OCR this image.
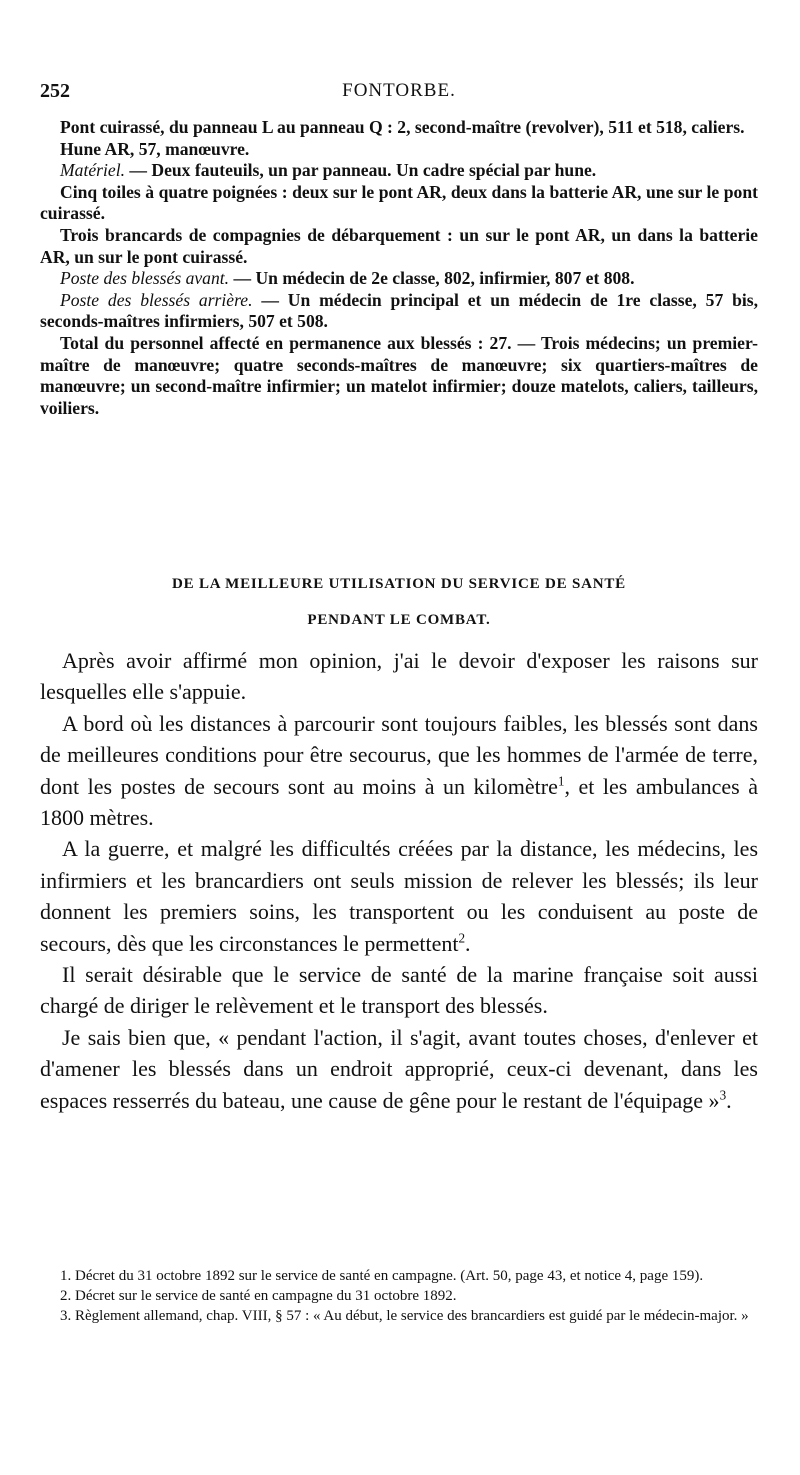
252	FONTORBE.

Pont cuirassé, du panneau L au panneau Q : 2, second-maître (revolver), 511 et 518, caliers.

Hune AR, 57, manœuvre.

Matériel. — Deux fauteuils, un par panneau. Un cadre spécial par hune.

Cinq toiles à quatre poignées : deux sur le pont AR, deux dans la batterie AR, une sur le pont cuirassé.

Trois brancards de compagnies de débarquement : un sur le pont AR, un dans la batterie AR, un sur le pont cuirassé.

Poste des blessés avant. — Un médecin de 2e classe, 802, infirmier, 807 et 808.

Poste des blessés arrière. — Un médecin principal et un médecin de 1re classe, 57 bis, seconds-maîtres infirmiers, 507 et 508.

Total du personnel affecté en permanence aux blessés : 27. — Trois médecins; un premier-maître de manœuvre; quatre seconds-maîtres de manœuvre; six quartiers-maîtres de manœuvre; un second-maître infirmier; un matelot infirmier; douze matelots, caliers, tailleurs, voiliers.

DE LA MEILLEURE UTILISATION DU SERVICE DE SANTÉ
PENDANT LE COMBAT.

Après avoir affirmé mon opinion, j'ai le devoir d'exposer les raisons sur lesquelles elle s'appuie.

A bord où les distances à parcourir sont toujours faibles, les blessés sont dans de meilleures conditions pour être secourus, que les hommes de l'armée de terre, dont les postes de secours sont au moins à un kilomètre$^1$, et les ambulances à 1800 mètres.

A la guerre, et malgré les difficultés créées par la distance, les médecins, les infirmiers et les brancardiers ont seuls mission de relever les blessés; ils leur donnent les premiers soins, les transportent ou les conduisent au poste de secours, dès que les circonstances le permettent$^2$.

Il serait désirable que le service de santé de la marine française soit aussi chargé de diriger le relèvement et le transport des blessés.

Je sais bien que, « pendant l'action, il s'agit, avant toutes choses, d'enlever et d'amener les blessés dans un endroit approprié, ceux-ci devenant, dans les espaces resserrés du bateau, une cause de gêne pour le restant de l'équipage »$^3$.

1. Décret du 31 octobre 1892 sur le service de santé en campagne. (Art. 50, page 43, et notice 4, page 159).

2. Décret sur le service de santé en campagne du 31 octobre 1892.

3. Règlement allemand, chap. VIII, § 57 : « Au début, le service des brancardiers est guidé par le médecin-major. »
